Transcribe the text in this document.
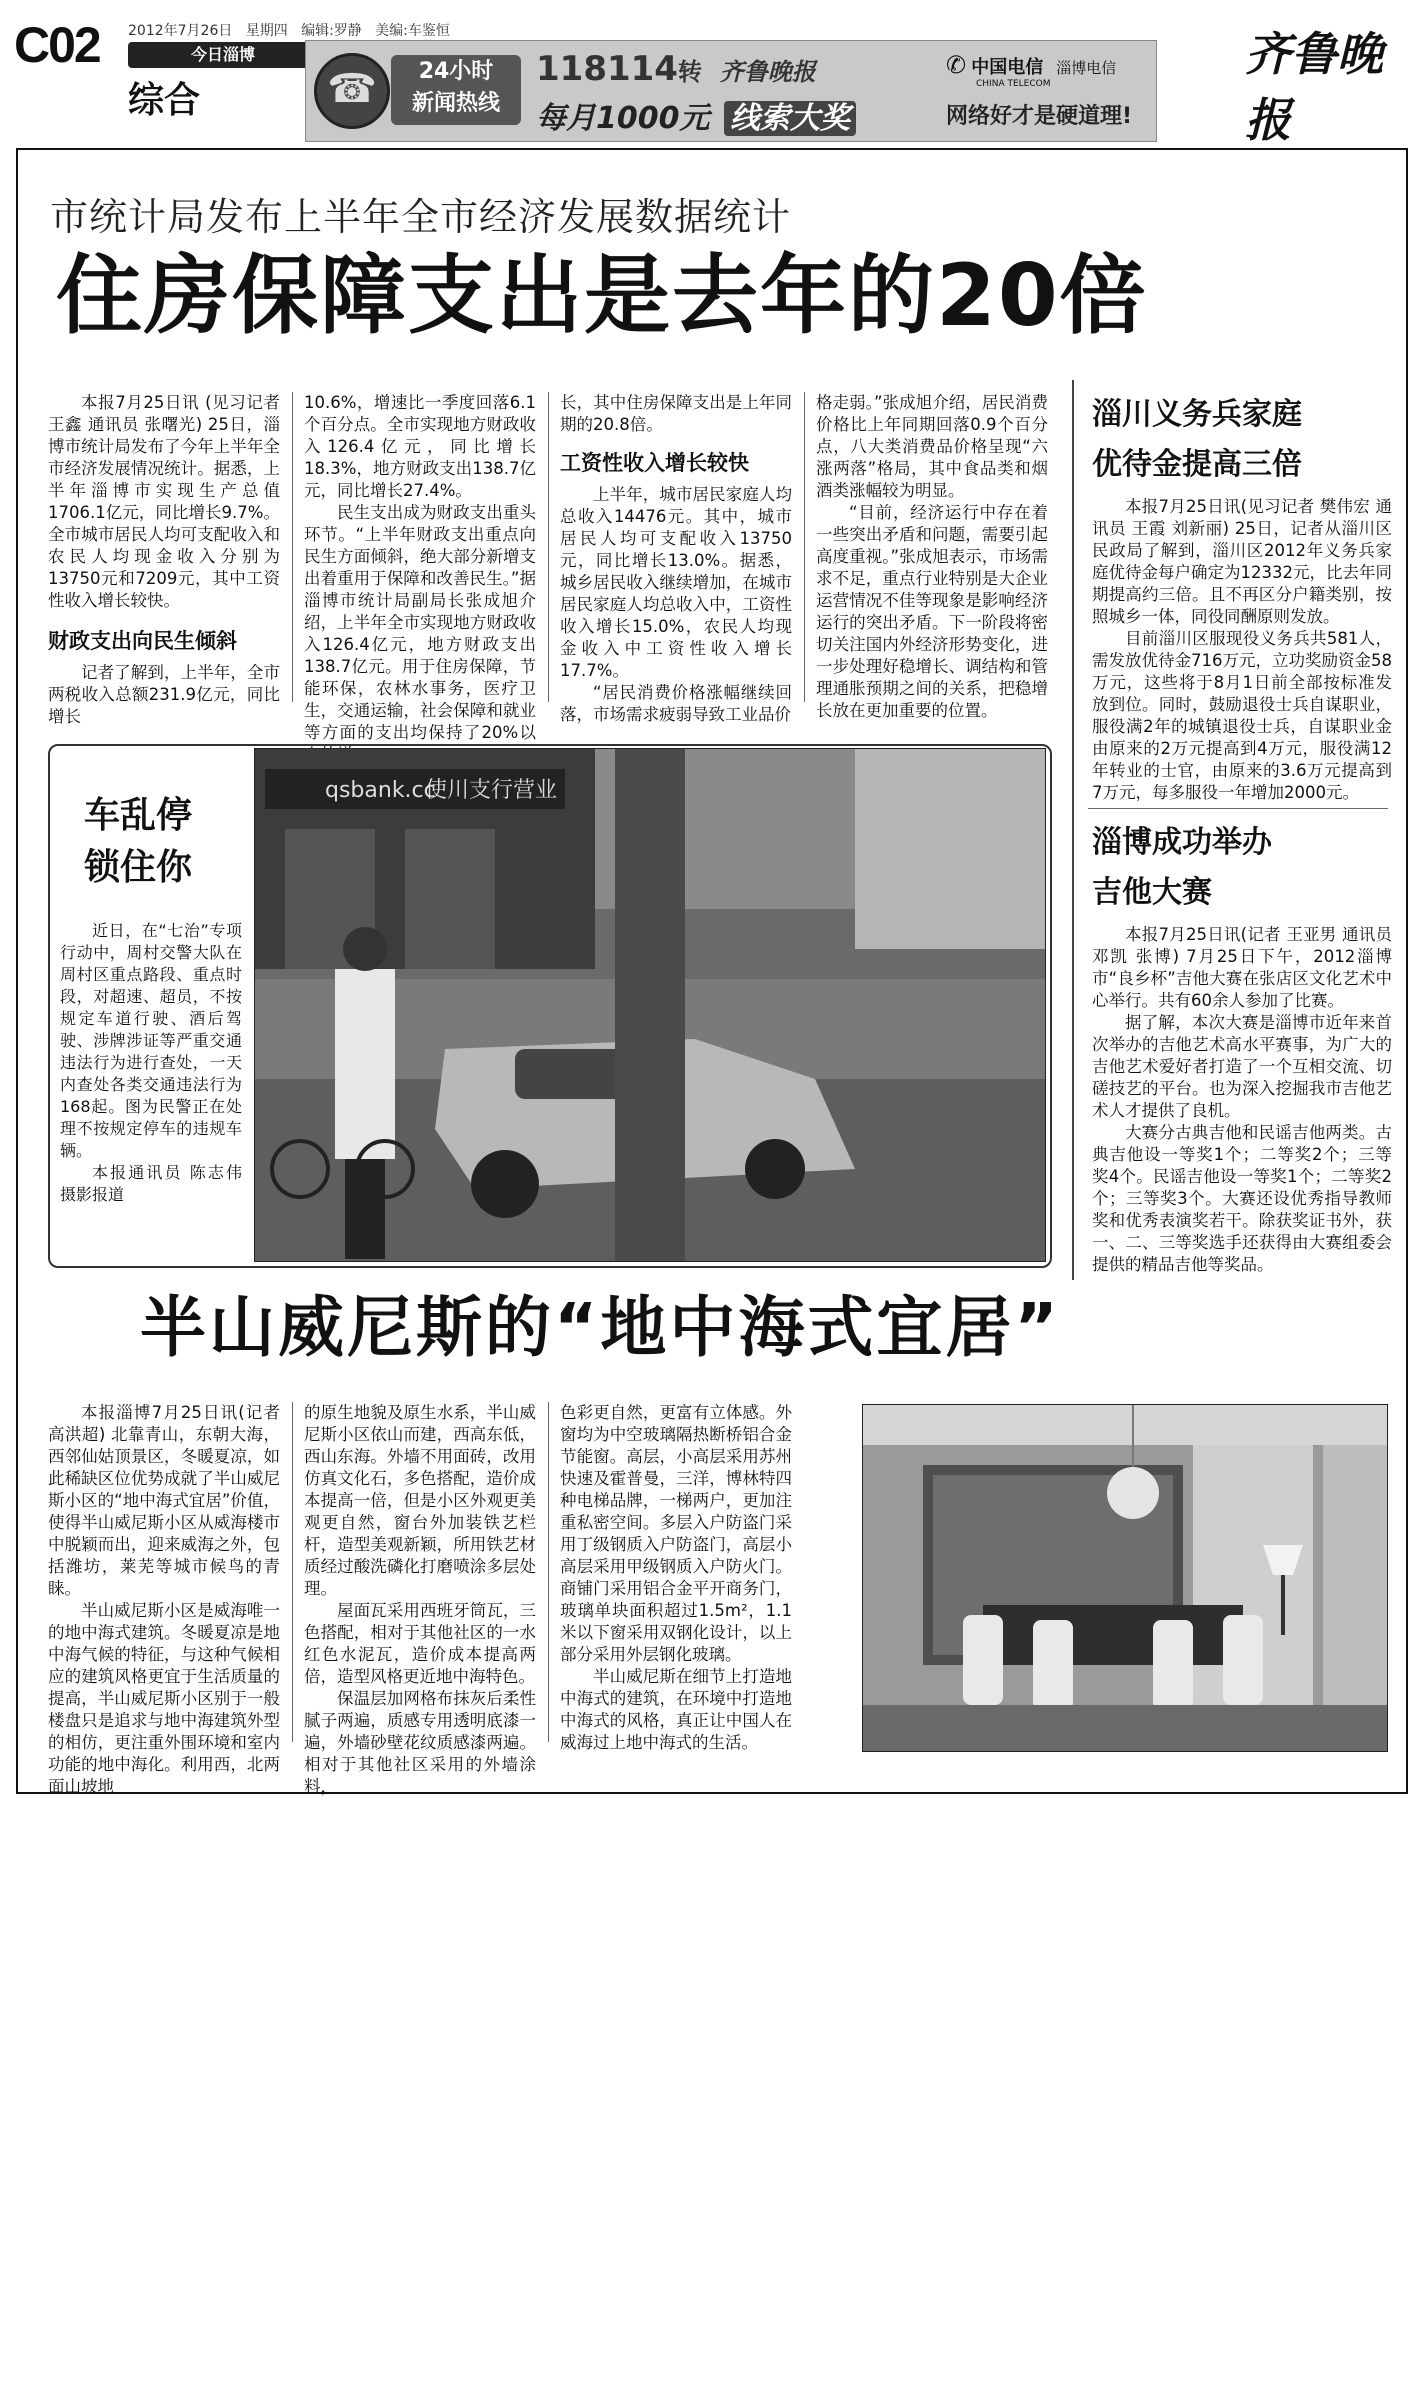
C02 2012年7月26日 星期四 编辑:罗静 美编:车鉴恒
今日淄博
综合	☎	24小时
新闻热线
118114转 齐鲁晚报
每月1000元 线索大奖
✆ 中国电信 淄博电信
CHINA TELECOM
网络好才是硬道理!
齐鲁晚报
市统计局发布上半年全市经济发展数据统计
住房保障支出是去年的20倍

本报7月25日讯 (见习记者 王鑫 通讯员 张曙光) 25日，淄博市统计局发布了今年上半年全市经济发展情况统计。据悉，上半年淄博市实现生产总值1706.1亿元，同比增长9.7%。全市城市居民人均可支配收入和农民人均现金收入分别为13750元和7209元，其中工资性收入增长较快。

财政支出向民生倾斜

记者了解到，上半年，全市两税收入总额231.9亿元，同比增长

10.6%，增速比一季度回落6.1个百分点。全市实现地方财政收入126.4亿元，同比增长18.3%，地方财政支出138.7亿元，同比增长27.4%。

民生支出成为财政支出重头环节。“上半年财政支出重点向民生方面倾斜，绝大部分新增支出着重用于保障和改善民生。”据淄博市统计局副局长张成旭介绍，上半年全市实现地方财政收入126.4亿元，地方财政支出138.7亿元。用于住房保障，节能环保，农林水事务，医疗卫生，交通运输，社会保障和就业等方面的支出均保持了20%以

长，其中住房保障支出是上年同期的20.8倍。

工资性收入增长较快

上半年，城市居民家庭人均总收入14476元。其中，城市居民人均可支配收入13750元，同比增长13.0%。据悉，城乡居民收入继续增加，在城市居民家庭人均总收入中，工资性收入增长15.0%，农民人均现金收入中工资性收入增长17.7%。

“居民消费价格涨幅继续回落，市场需求疲弱导致工业品价

格走弱。”张成旭介绍，居民消费价格比上年同期回落0.9个百分点，八大类消费品价格呈现“六涨两落”格局，其中食品类和烟酒类涨幅较为明显。

“目前，经济运行中存在着一些突出矛盾和问题，需要引起高度重视。”张成旭表示，市场需求不足，重点行业特别是大企业运营情况不佳等现象是影响经济运行的突出矛盾。下一阶段将密切关注国内外经济形势变化，进一步处理好稳增长、调结构和管理通胀预期之间的关系，把稳增长放在更加重要的位置。

淄川义务兵家庭
优待金提高三倍

本报7月25日讯(见习记者 樊伟宏 通讯员 王霞 刘新丽) 25日，记者从淄川区民政局了解到，淄川区2012年义务兵家庭优待金每户确定为12332元，比去年同期提高约三倍。且不再区分户籍类别，按照城乡一体，同役同酬原则发放。

目前淄川区服现役义务兵共581人，需发放优待金716万元，立功奖励资金58万元，这些将于8月1日前全部按标准发放到位。同时，鼓励退役士兵自谋职业，服役满2年的城镇退役士兵，自谋职业金由原来的2万元提高到4万元，服役满12年转业的士官，由原来的3.6万元提高到7万元，每多服役一年增加2000元。

淄博成功举办
吉他大赛

本报7月25日讯(记者 王亚男 通讯员 邓凯 张博) 7月25日下午，2012淄博市“良乡杯”吉他大赛在张店区文化艺术中心举行。共有60余人参加了比赛。

据了解，本次大赛是淄博市近年来首次举办的吉他艺术高水平赛事，为广大的吉他艺术爱好者打造了一个互相交流、切磋技艺的平台。也为深入挖掘我市吉他艺术人才提供了良机。

大赛分古典吉他和民谣吉他两类。古典吉他设一等奖1个；二等奖2个；三等奖4个。民谣吉他设一等奖1个；二等奖2个；三等奖3个。大赛还设优秀指导教师奖和优秀表演奖若干。除获奖证书外，获一、二、三等奖选手还获得由大赛组委会提供的精品吉他等奖品。

车乱停
锁住你

近日，在“七治”专项行动中，周村交警大队在周村区重点路段、重点时段，对超速、超员，不按规定车道行驶、酒后驾驶、涉牌涉证等严重交通违法行为进行查处，一天内查处各类交通违法行为168起。图为民警正在处理不按规定停车的违规车辆。

本报通讯员 陈志伟 摄影报道

qsbank.cc
使川支行营业
半山威尼斯的“地中海式宜居”

本报淄博7月25日讯(记者 高洪超) 北靠青山，东朝大海，西邻仙姑顶景区，冬暖夏凉，如此稀缺区位优势成就了半山威尼斯小区的“地中海式宜居”价值，使得半山威尼斯小区从威海楼市中脱颖而出，迎来威海之外，包括潍坊，莱芜等城市候鸟的青睐。

半山威尼斯小区是威海唯一的地中海式建筑。冬暖夏凉是地中海气候的特征，与这种气候相应的建筑风格更宜于生活质量的提高，半山威尼斯小区别于一般楼盘只是追求与地中海建筑外型的相仿，更注重外围环境和室内功能的地中海化。利用西，北两面山坡地

的原生地貌及原生水系，半山威尼斯小区依山而建，西高东低，西山东海。外墙不用面砖，改用仿真文化石，多色搭配，造价成本提高一倍，但是小区外观更美观更自然，窗台外加装铁艺栏杆，造型美观新颖，所用铁艺材质经过酸洗磷化打磨喷涂多层处理。

屋面瓦采用西班牙筒瓦，三色搭配，相对于其他社区的一水红色水泥瓦，造价成本提高两倍，造型风格更近地中海特色。

保温层加网格布抹灰后柔性腻子两遍，质感专用透明底漆一遍，外墙砂壁花纹质感漆两遍。相对于其他社区采用的外墙涂料，

色彩更自然，更富有立体感。外窗均为中空玻璃隔热断桥铝合金节能窗。高层，小高层采用苏州快速及霍普曼，三洋，博林特四种电梯品牌，一梯两户，更加注重私密空间。多层入户防盗门采用丁级钢质入户防盗门，高层小高层采用甲级钢质入户防火门。商铺门采用铝合金平开商务门，玻璃单块面积超过1.5m²，1.1米以下窗采用双钢化设计，以上部分采用外层钢化玻璃。

半山威尼斯在细节上打造地中海式的建筑，在环境中打造地中海式的风格，真正让中国人在威海过上地中海式的生活。
